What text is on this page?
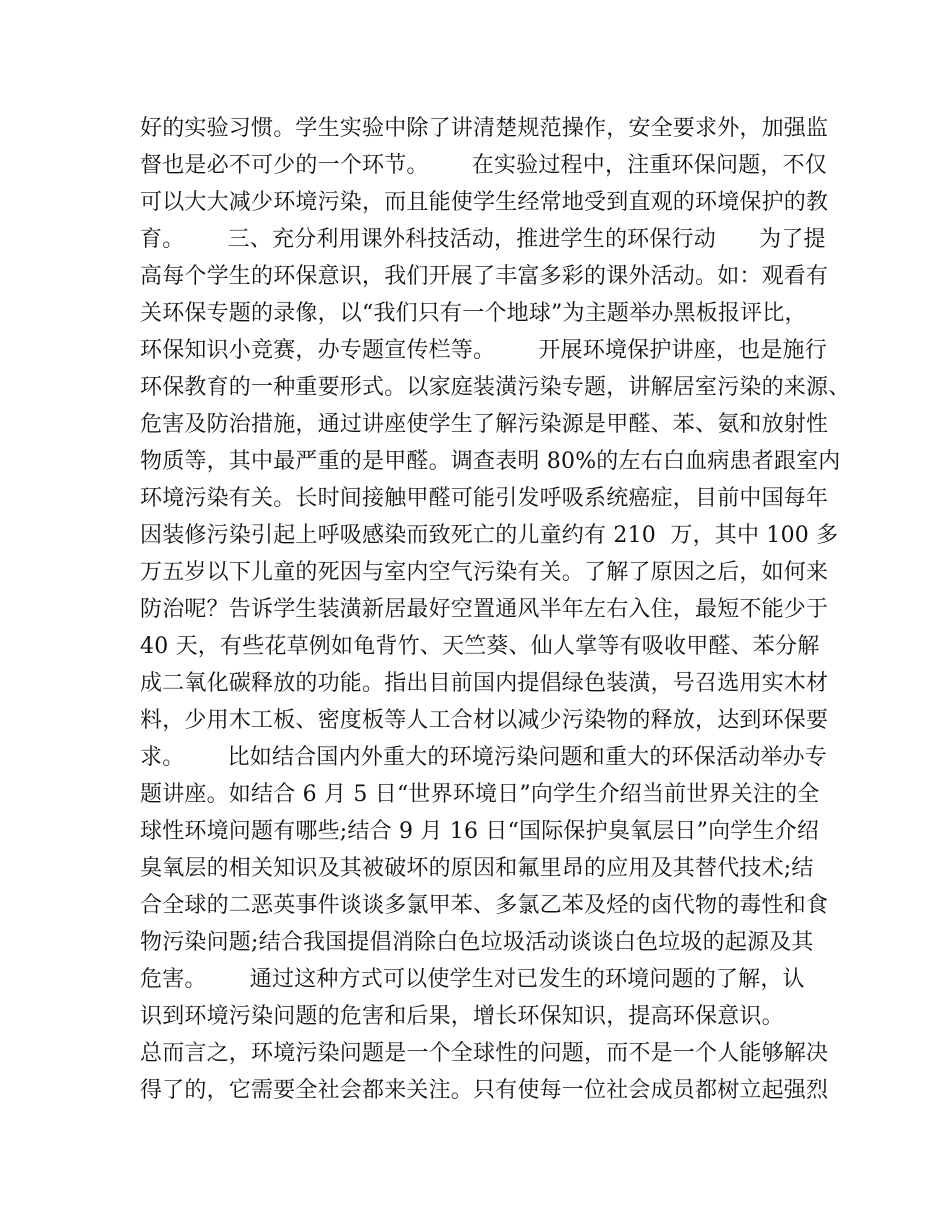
好的实验习惯。学生实验中除了讲清楚规范操作，安全要求外，加强监
督也是必不可少的一个环节。      在实验过程中，注重环保问题，不仅
可以大大减少环境污染，而且能使学生经常地受到直观的环境保护的教
育。      三、充分利用课外科技活动，推进学生的环保行动      为了提
高每个学生的环保意识，我们开展了丰富多彩的课外活动。如：观看有
关环保专题的录像，以“我们只有一个地球”为主题举办黑板报评比，
环保知识小竞赛，办专题宣传栏等。      开展环境保护讲座，也是施行
环保教育的一种重要形式。以家庭装潢污染专题，讲解居室污染的来源、
危害及防治措施，通过讲座使学生了解污染源是甲醛、苯、氨和放射性
物质等，其中最严重的是甲醛。调查表明 80%的左右白血病患者跟室内
环境污染有关。长时间接触甲醛可能引发呼吸系统癌症，目前中国每年
因装修污染引起上呼吸感染而致死亡的儿童约有 210  万，其中 100 多
万五岁以下儿童的死因与室内空气污染有关。了解了原因之后，如何来
防治呢？告诉学生装潢新居最好空置通风半年左右入住，最短不能少于
40 天，有些花草例如龟背竹、天竺葵、仙人掌等有吸收甲醛、苯分解
成二氧化碳释放的功能。指出目前国内提倡绿色装潢，号召选用实木材
料，少用木工板、密度板等人工合材以减少污染物的释放，达到环保要
求。      比如结合国内外重大的环境污染问题和重大的环保活动举办专
题讲座。如结合 6 月 5 日“世界环境日”向学生介绍当前世界关注的全
球性环境问题有哪些;结合 9 月 16 日“国际保护臭氧层日”向学生介绍
臭氧层的相关知识及其被破坏的原因和氟里昂的应用及其替代技术;结
合全球的二恶英事件谈谈多氯甲苯、多氯乙苯及烃的卤代物的毒性和食
物污染问题;结合我国提倡消除白色垃圾活动谈谈白色垃圾的起源及其
危害。      通过这种方式可以使学生对已发生的环境问题的了解，认
识到环境污染问题的危害和后果，增长环保知识，提高环保意识。
总而言之，环境污染问题是一个全球性的问题，而不是一个人能够解决
得了的，它需要全社会都来关注。只有使每一位社会成员都树立起强烈
